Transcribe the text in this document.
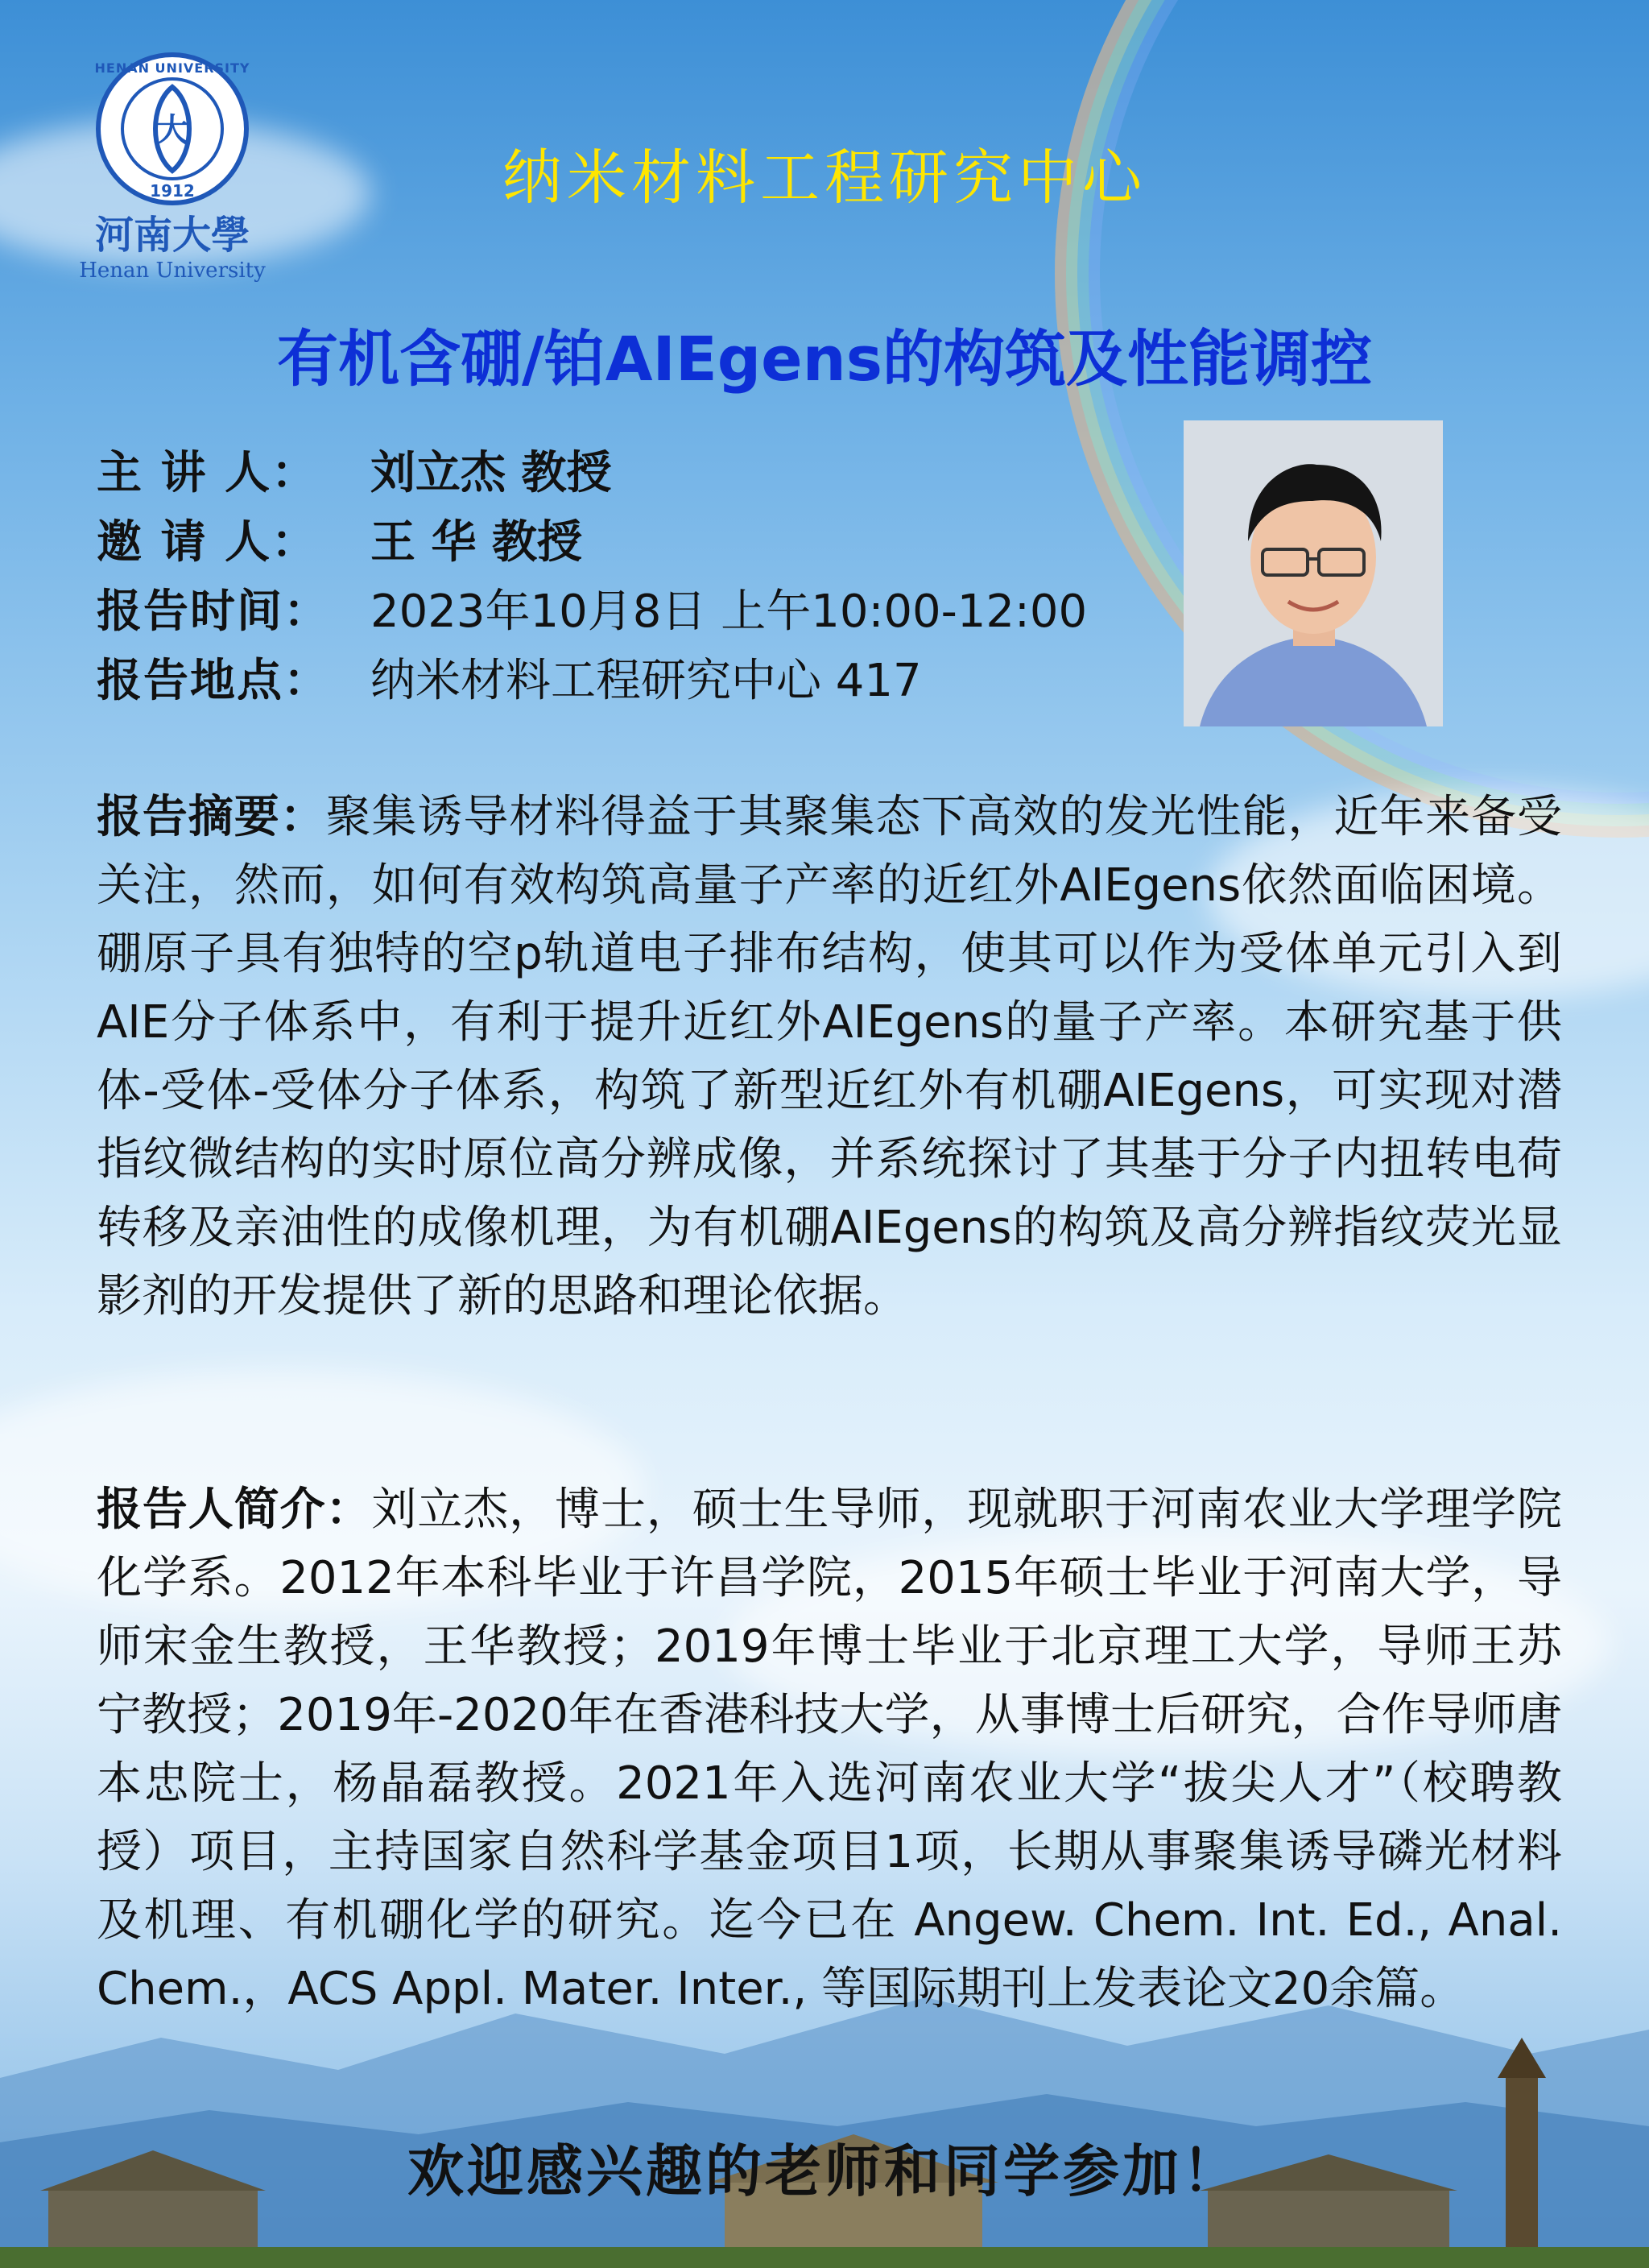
大
HENAN UNIVERSITY
1912
河南大學
Henan University
纳米材料工程研究中心
有机含硼/铂AIEgens的构筑及性能调控
主 讲 人： 刘立杰 教授
邀 请 人： 王 华 教授
报告时间： 2023年10月8日 上午10:00-12:00
报告地点： 纳米材料工程研究中心 417
报告摘要：聚集诱导材料得益于其聚集态下高效的发光性能，近年来备受关注，然而，如何有效构筑高量子产率的近红外AIEgens依然面临困境。硼原子具有独特的空p轨道电子排布结构，使其可以作为受体单元引入到AIE分子体系中，有利于提升近红外AIEgens的量子产率。本研究基于供体-受体-受体分子体系，构筑了新型近红外有机硼AIEgens，可实现对潜指纹微结构的实时原位高分辨成像，并系统探讨了其基于分子内扭转电荷转移及亲油性的成像机理，为有机硼AIEgens的构筑及高分辨指纹荧光显影剂的开发提供了新的思路和理论依据。
报告人简介：刘立杰，博士，硕士生导师，现就职于河南农业大学理学院化学系。2012年本科毕业于许昌学院，2015年硕士毕业于河南大学，导师宋金生教授，王华教授；2019年博士毕业于北京理工大学，导师王苏宁教授；2019年-2020年在香港科技大学，从事博士后研究，合作导师唐本忠院士，杨晶磊教授。2021年入选河南农业大学“拔尖人才”（校聘教授）项目，主持国家自然科学基金项目1项，长期从事聚集诱导磷光材料及机理、有机硼化学的研究。迄今已在 Angew. Chem. Int. Ed., Anal. Chem.，ACS Appl. Mater. Inter., 等国际期刊上发表论文20余篇。
欢迎感兴趣的老师和同学参加！
